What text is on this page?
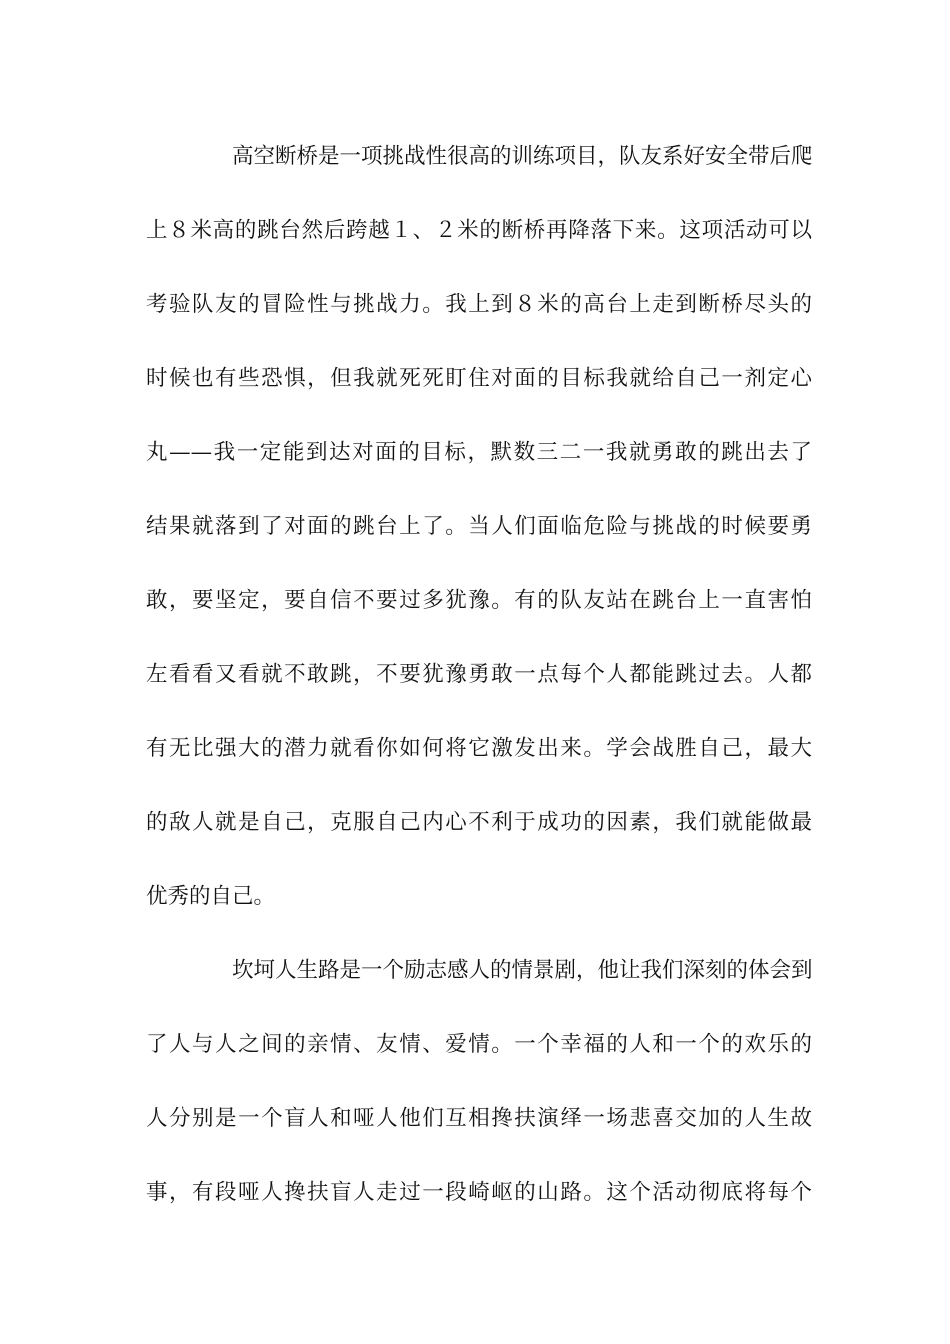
高空断桥是一项挑战性很高的训练项目，队友系好安全带后爬
上８米高的跳台然后跨越１、２米的断桥再降落下来。这项活动可以
考验队友的冒险性与挑战力。我上到８米的高台上走到断桥尽头的
时候也有些恐惧，但我就死死盯住对面的目标我就给自己一剂定心
丸——我一定能到达对面的目标，默数三二一我就勇敢的跳出去了
结果就落到了对面的跳台上了。当人们面临危险与挑战的时候要勇
敢，要坚定，要自信不要过多犹豫。有的队友站在跳台上一直害怕
左看看又看就不敢跳，不要犹豫勇敢一点每个人都能跳过去。人都
有无比强大的潜力就看你如何将它激发出来。学会战胜自己，最大
的敌人就是自己，克服自己内心不利于成功的因素，我们就能做最
优秀的自己。
坎坷人生路是一个励志感人的情景剧，他让我们深刻的体会到
了人与人之间的亲情、友情、爱情。一个幸福的人和一个的欢乐的
人分别是一个盲人和哑人他们互相搀扶演绎一场悲喜交加的人生故
事，有段哑人搀扶盲人走过一段崎岖的山路。这个活动彻底将每个
